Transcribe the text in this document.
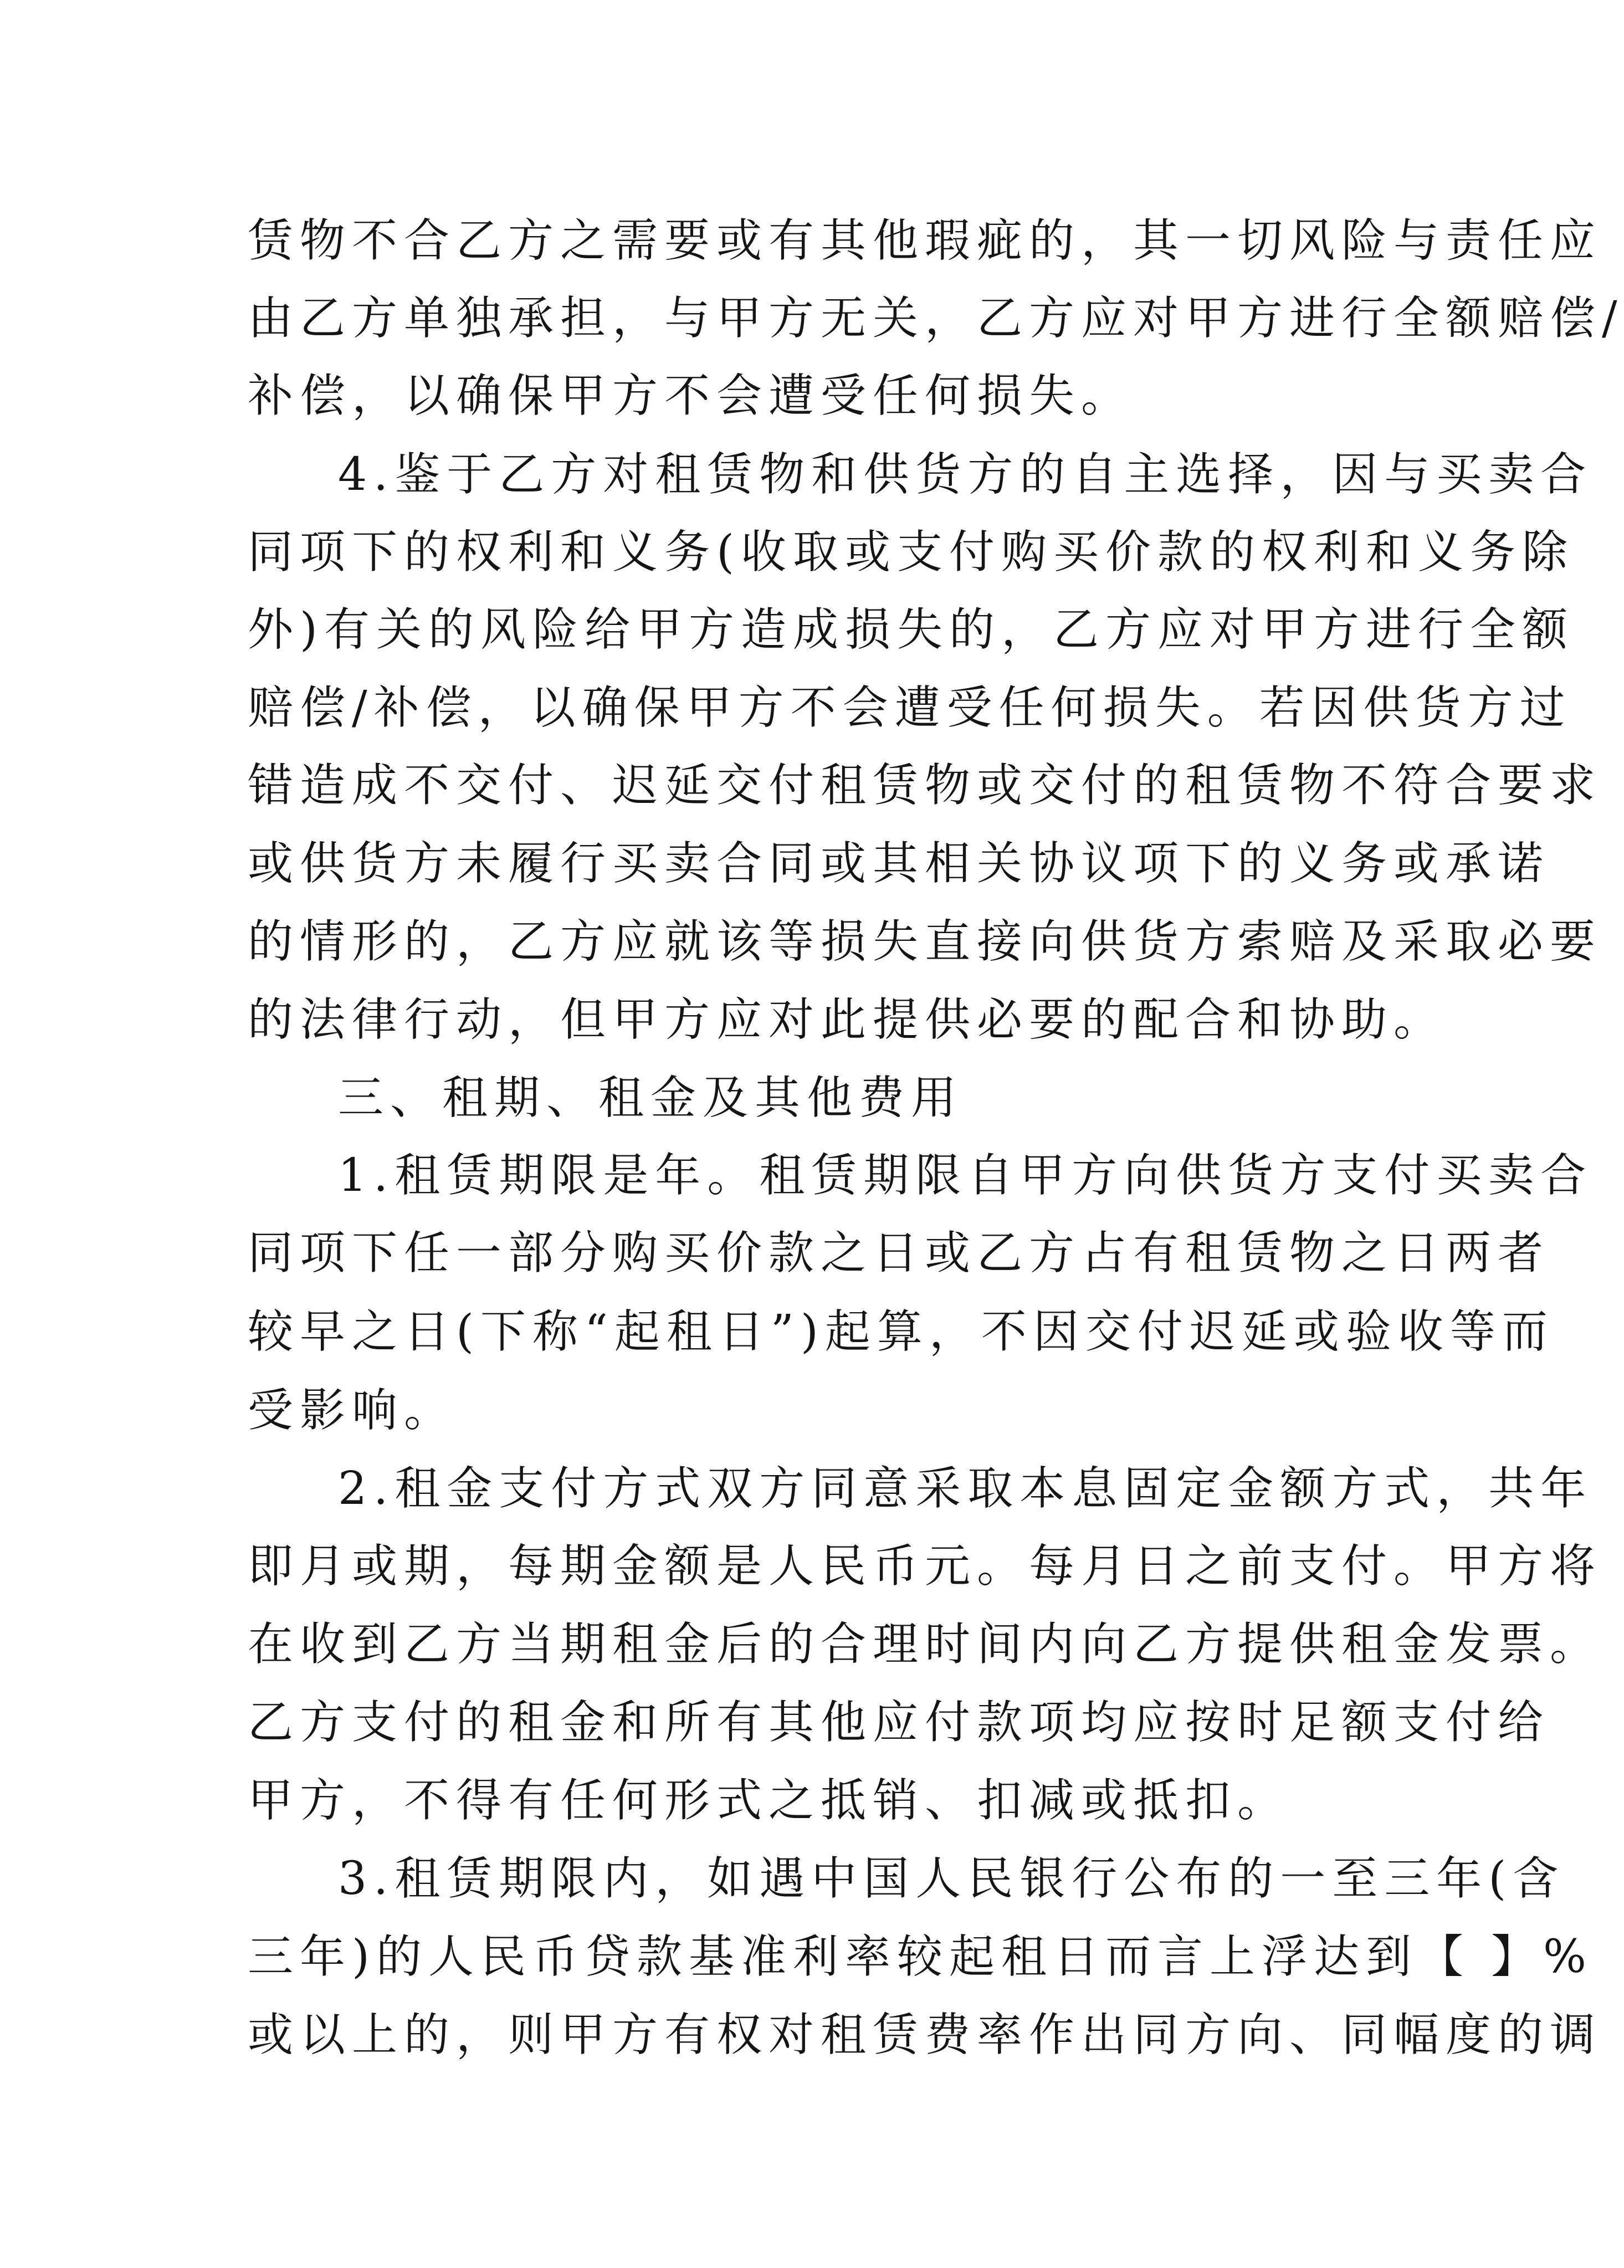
赁物不合乙方之需要或有其他瑕疵的，其一切风险与责任应

由乙方单独承担，与甲方无关，乙方应对甲方进行全额赔偿/

补偿，以确保甲方不会遭受任何损失。

4.鉴于乙方对租赁物和供货方的自主选择，因与买卖合

同项下的权利和义务(收取或支付购买价款的权利和义务除

外)有关的风险给甲方造成损失的，乙方应对甲方进行全额

赔偿/补偿，以确保甲方不会遭受任何损失。若因供货方过

错造成不交付、迟延交付租赁物或交付的租赁物不符合要求

或供货方未履行买卖合同或其相关协议项下的义务或承诺

的情形的，乙方应就该等损失直接向供货方索赔及采取必要

的法律行动，但甲方应对此提供必要的配合和协助。

三、租期、租金及其他费用

1.租赁期限是年。租赁期限自甲方向供货方支付买卖合

同项下任一部分购买价款之日或乙方占有租赁物之日两者

较早之日(下称“起租日”)起算，不因交付迟延或验收等而

受影响。

2.租金支付方式双方同意采取本息固定金额方式，共年

即月或期，每期金额是人民币元。每月日之前支付。甲方将

在收到乙方当期租金后的合理时间内向乙方提供租金发票。

乙方支付的租金和所有其他应付款项均应按时足额支付给

甲方，不得有任何形式之抵销、扣减或抵扣。

3.租赁期限内，如遇中国人民银行公布的一至三年(含

三年)的人民币贷款基准利率较起租日而言上浮达到【 】%

或以上的，则甲方有权对租赁费率作出同方向、同幅度的调
